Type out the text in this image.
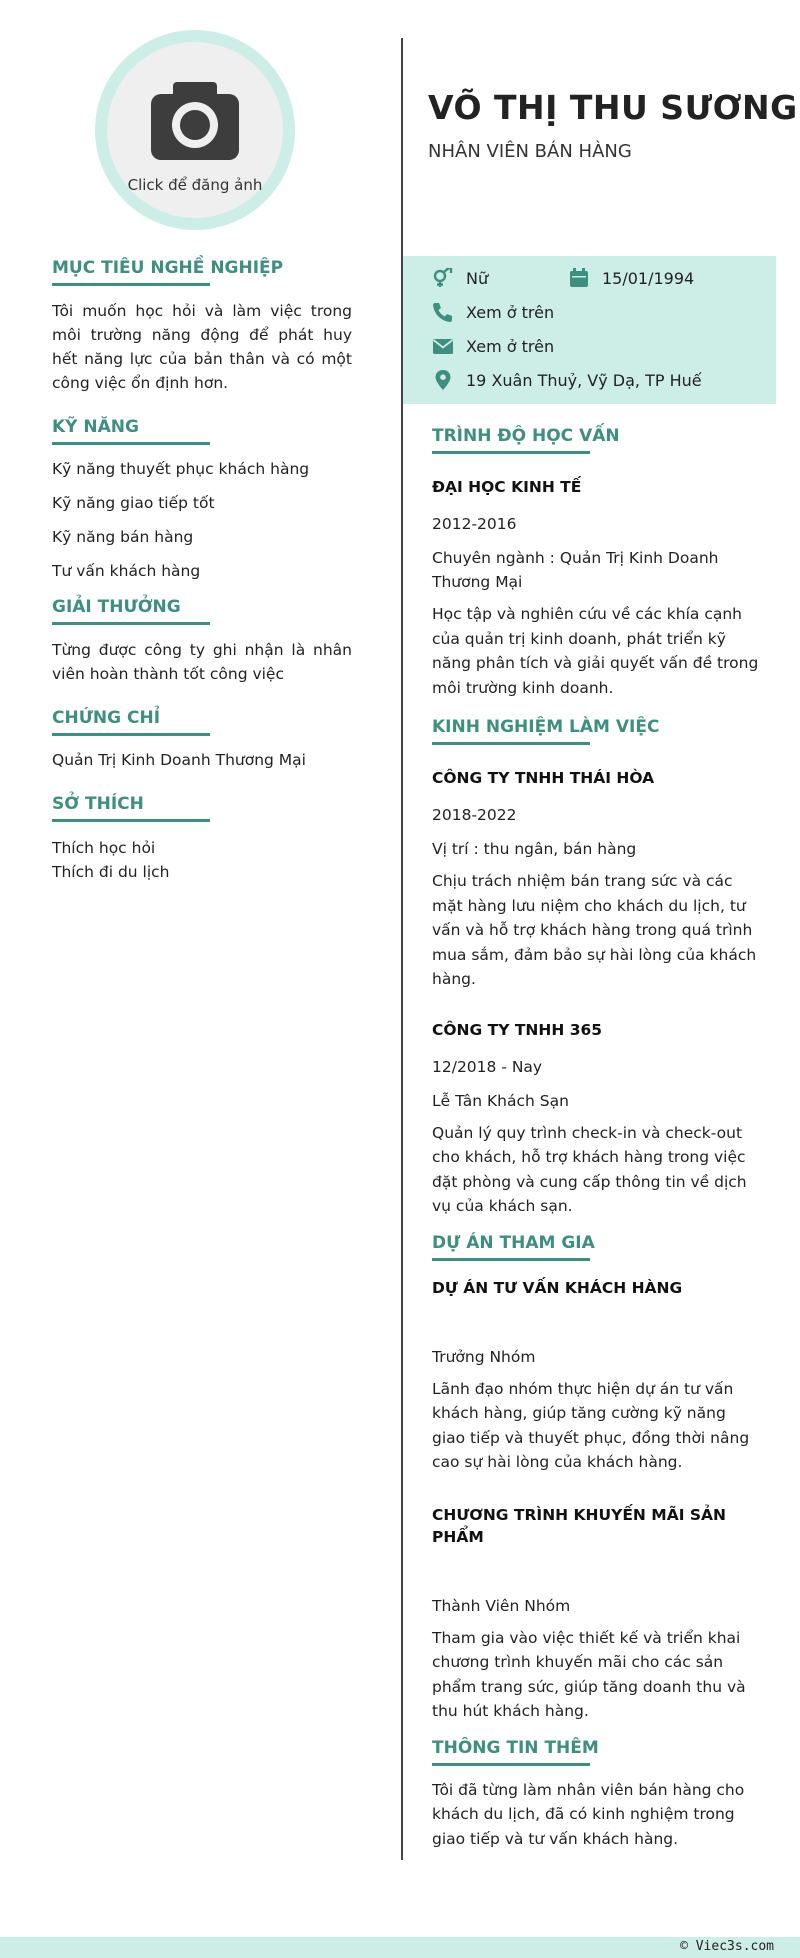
Click để đăng ảnh
MỤC TIÊU NGHỀ NGHIỆP
Tôi muốn học hỏi và làm việc trong môi trường năng động để phát huy hết năng lực của bản thân và có một công việc ổn định hơn.
KỸ NĂNG
Kỹ năng thuyết phục khách hàng
Kỹ năng giao tiếp tốt
Kỹ năng bán hàng
Tư vấn khách hàng
GIẢI THƯỞNG
Từng được công ty ghi nhận là nhân viên hoàn thành tốt công việc
CHỨNG CHỈ
Quản Trị Kinh Doanh Thương Mại
SỞ THÍCH
Thích học hỏi
Thích đi du lịch
VÕ THỊ THU SƯƠNG
NHÂN VIÊN BÁN HÀNG
Nữ	15/01/1994
Xem ở trên
Xem ở trên
19 Xuân Thuỷ, Vỹ Dạ, TP Huế
TRÌNH ĐỘ HỌC VẤN
ĐẠI HỌC KINH TẾ
2012-2016
Chuyên ngành : Quản Trị Kinh Doanh Thương Mại
Học tập và nghiên cứu về các khía cạnh của quản trị kinh doanh, phát triển kỹ năng phân tích và giải quyết vấn đề trong môi trường kinh doanh.
KINH NGHIỆM LÀM VIỆC
CÔNG TY TNHH THÁI HÒA
2018-2022
Vị trí : thu ngân, bán hàng
Chịu trách nhiệm bán trang sức và các mặt hàng lưu niệm cho khách du lịch, tư vấn và hỗ trợ khách hàng trong quá trình mua sắm, đảm bảo sự hài lòng của khách hàng.
CÔNG TY TNHH 365
12/2018 - Nay
Lễ Tân Khách Sạn
Quản lý quy trình check-in và check-out cho khách, hỗ trợ khách hàng trong việc đặt phòng và cung cấp thông tin về dịch vụ của khách sạn.
DỰ ÁN THAM GIA
DỰ ÁN TƯ VẤN KHÁCH HÀNG
Trưởng Nhóm
Lãnh đạo nhóm thực hiện dự án tư vấn khách hàng, giúp tăng cường kỹ năng giao tiếp và thuyết phục, đồng thời nâng cao sự hài lòng của khách hàng.
CHƯƠNG TRÌNH KHUYẾN MÃI SẢN PHẨM
Thành Viên Nhóm
Tham gia vào việc thiết kế và triển khai chương trình khuyến mãi cho các sản phẩm trang sức, giúp tăng doanh thu và thu hút khách hàng.
THÔNG TIN THÊM
Tôi đã từng làm nhân viên bán hàng cho khách du lịch, đã có kinh nghiệm trong giao tiếp và tư vấn khách hàng.
© Viec3s.com
